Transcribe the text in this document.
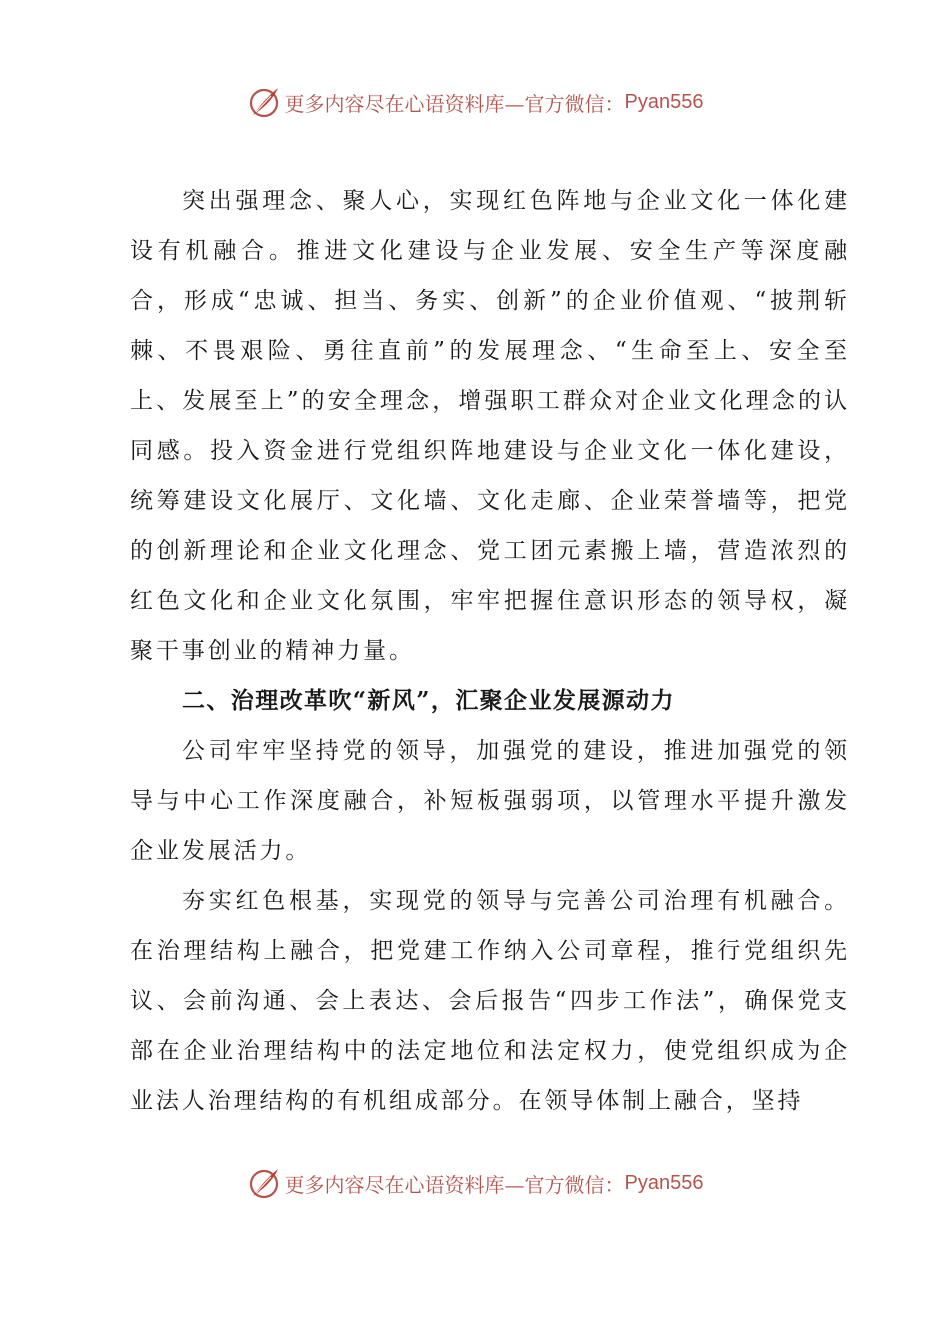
更多内容尽在心语资料库—官方微信： Pyan556

突出强理念、聚人心，实现红色阵地与企业文化一体化建设有机融合。推进文化建设与企业发展、安全生产等深度融合，形成“忠诚、担当、务实、创新”的企业价值观、“披荆斩棘、不畏艰险、勇往直前”的发展理念、“生命至上、安全至上、发展至上”的安全理念，增强职工群众对企业文化理念的认同感。投入资金进行党组织阵地建设与企业文化一体化建设，统筹建设文化展厅、文化墙、文化走廊、企业荣誉墙等，把党的创新理论和企业文化理念、党工团元素搬上墙，营造浓烈的红色文化和企业文化氛围，牢牢把握住意识形态的领导权，凝聚干事创业的精神力量。

二、治理改革吹“新风”，汇聚企业发展源动力

公司牢牢坚持党的领导，加强党的建设，推进加强党的领导与中心工作深度融合，补短板强弱项，以管理水平提升激发企业发展活力。

夯实红色根基，实现党的领导与完善公司治理有机融合。在治理结构上融合，把党建工作纳入公司章程，推行党组织先议、会前沟通、会上表达、会后报告“四步工作法”，确保党支部在企业治理结构中的法定地位和法定权力，使党组织成为企业法人治理结构的有机组成部分。在领导体制上融合，坚持

更多内容尽在心语资料库—官方微信： Pyan556
